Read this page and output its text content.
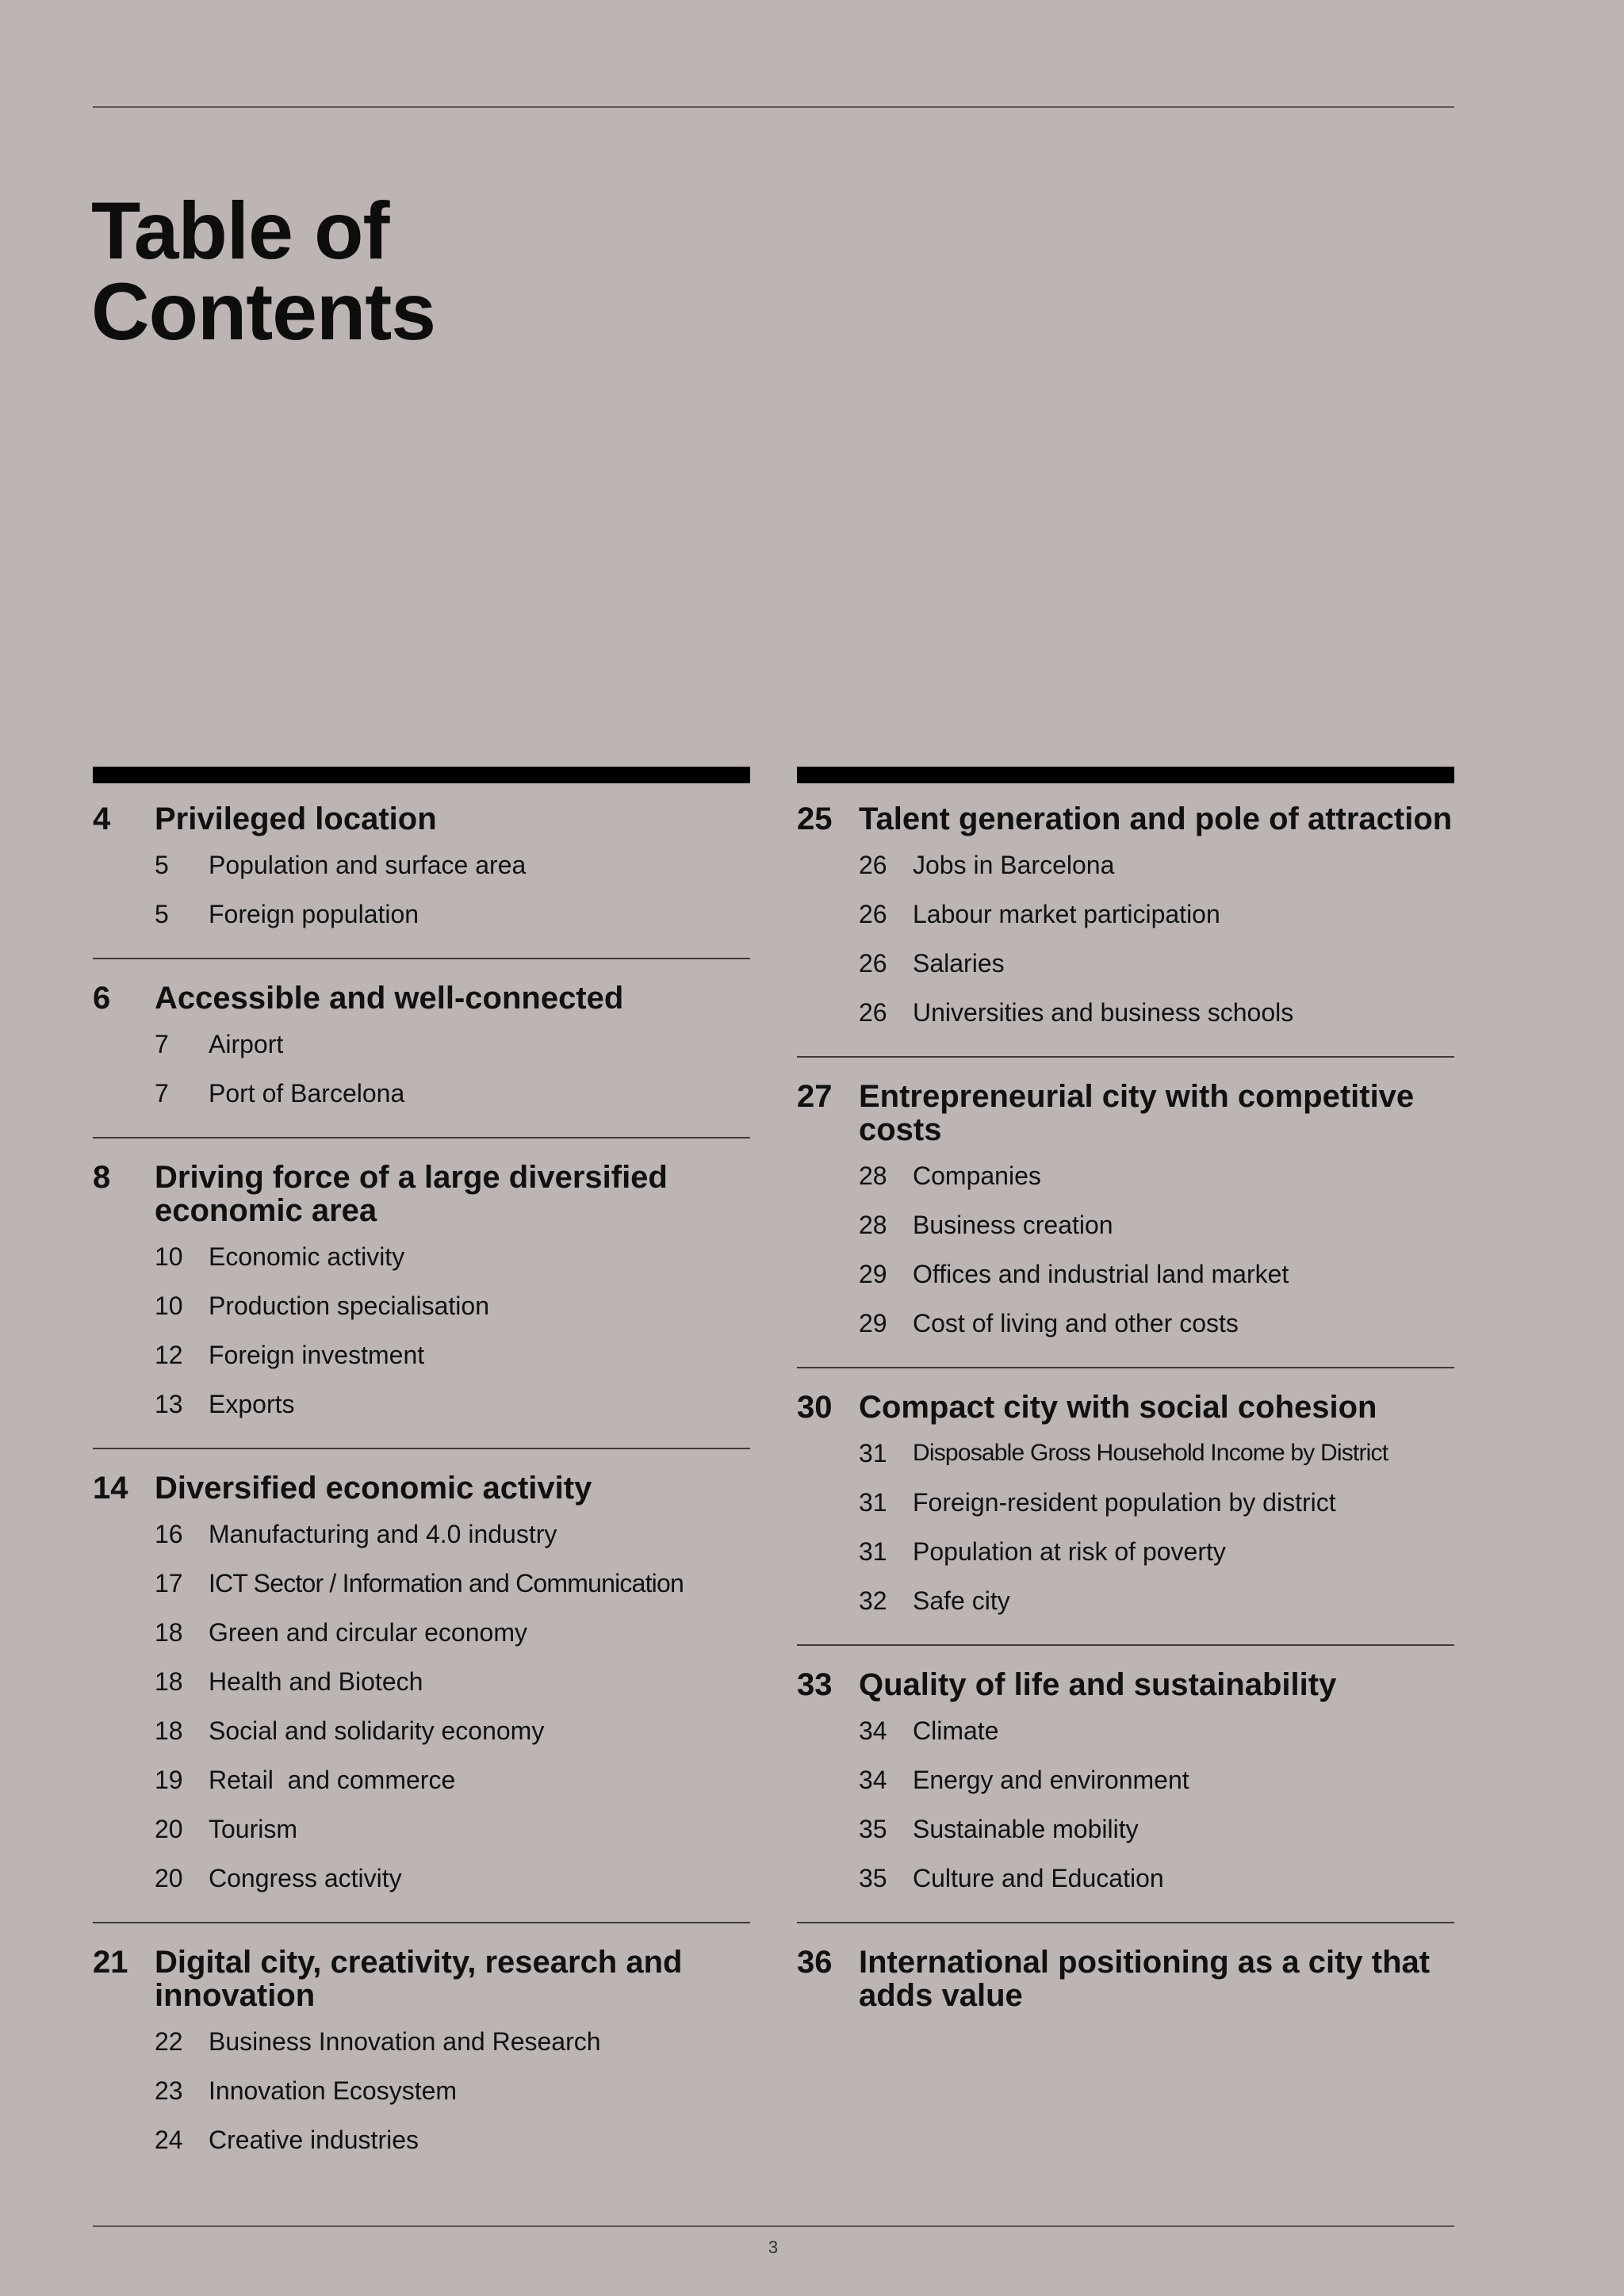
Table of
Contents
4	Privileged location
5	Population and surface area
5	Foreign population
6	Accessible and well-connected
7	Airport
7	Port of Barcelona
8	Driving force of a large diversified economic area
10	Economic activity
10	Production specialisation
12	Foreign investment
13	Exports
14 Diversified economic activity
16	Manufacturing and 4.0 industry
17	ICT Sector / Information and Communication
18	Green and circular economy
18	Health and Biotech
18	Social and solidarity economy
19	Retail  and commerce
20	Tourism
20	Congress activity
21 Digital city, creativity, research and innovation
22	Business Innovation and Research
23	Innovation Ecosystem
24	Creative industries
25 Talent generation and pole of attraction
26	Jobs in Barcelona
26	Labour market participation
26	Salaries
26	Universities and business schools
27 Entrepreneurial city with competitive costs
28	Companies
28	Business creation
29	Offices and industrial land market
29	Cost of living and other costs
30 Compact city with social cohesion
31	Disposable Gross Household Income by District
31	Foreign-resident population by district
31	Population at risk of poverty
32	Safe city
33 Quality of life and sustainability
34	Climate
34	Energy and environment
35	Sustainable mobility
35	Culture and Education
36 International positioning as a city that adds value
3
